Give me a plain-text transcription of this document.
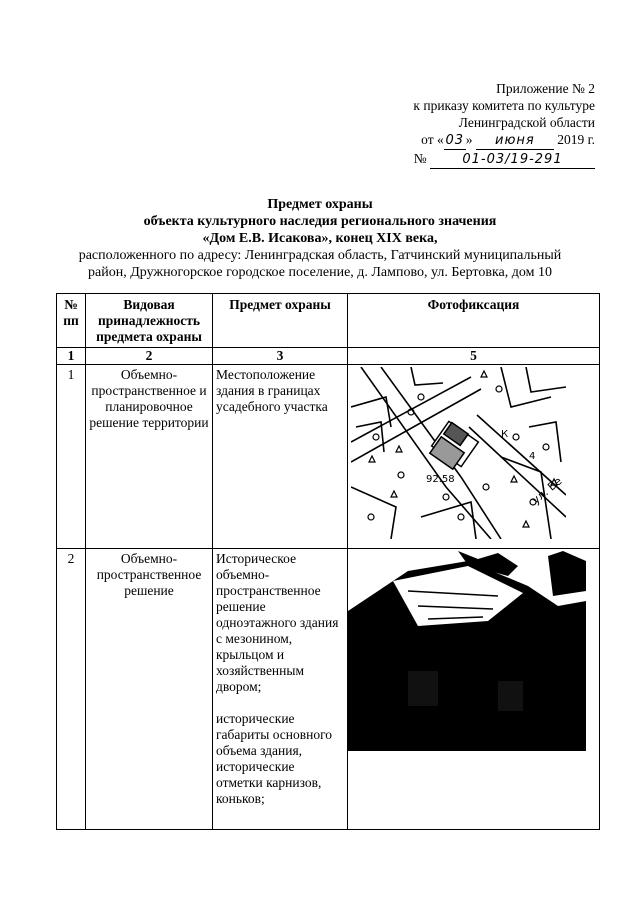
Приложение № 2
к приказу комитета по культуре
Ленинградской области
от « 03 » июня 2019 г.
№	01-03/19-291
Предмет охраны
объекта культурного наследия регионального значения
«Дом Е.В. Исакова», конец XIX века,
расположенного по адресу: Ленинградская область, Гатчинский муниципальный
район, Дружногорское городское поселение, д. Лампово, ул. Бертовка, дом 10
№ пп	Видовая принадлежность предмета охраны	Предмет охраны	Фотофиксация
1	2	3	5
1	Объемно-пространственное и планировочное решение территории	Местоположение здания в границах усадебного участка	92.58
К
4
ул. Бе

2	Объемно-пространственное решение	Историческое объемно-пространственное решение одноэтажного здания с мезонином, крыльцом и хозяйственным двором;
исторические габариты основного объема здания, исторические отметки карнизов, коньков;	
